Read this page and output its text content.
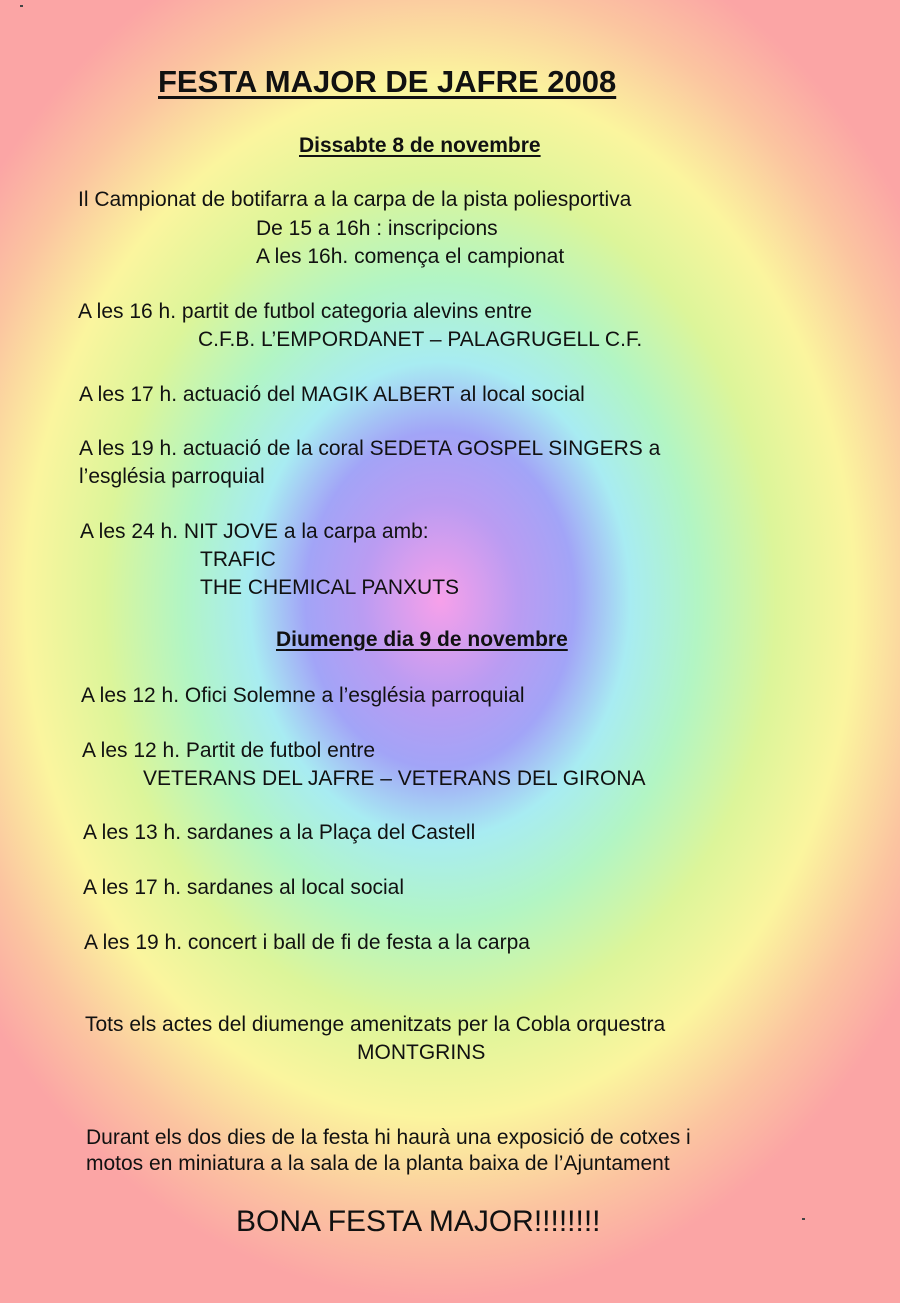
FESTA MAJOR DE JAFRE 2008
Dissabte 8 de novembre
Il Campionat de botifarra a la carpa de la pista poliesportiva
De 15 a 16h : inscripcions
A les 16h. comença el campionat
A les 16 h. partit de futbol categoria alevins entre
C.F.B. L’EMPORDANET – PALAGRUGELL C.F.
A les 17 h. actuació del MAGIK ALBERT al local social
A les 19 h. actuació de la coral SEDETA GOSPEL SINGERS a
l’església parroquial
A les 24 h. NIT JOVE a la carpa amb:
TRAFIC
THE CHEMICAL PANXUTS
Diumenge dia 9 de novembre
A les 12 h. Ofici Solemne a l’església parroquial
A les 12 h. Partit de futbol entre
VETERANS DEL JAFRE – VETERANS DEL GIRONA
A les 13 h. sardanes a la Plaça del Castell
A les 17 h. sardanes al local social
A les 19 h. concert i ball de fi de festa a la carpa
Tots els actes del diumenge amenitzats per la Cobla orquestra
MONTGRINS
Durant els dos dies de la festa hi haurà una exposició de cotxes i
motos en miniatura a la sala de la planta baixa de l’Ajuntament
BONA FESTA MAJOR!!!!!!!!
